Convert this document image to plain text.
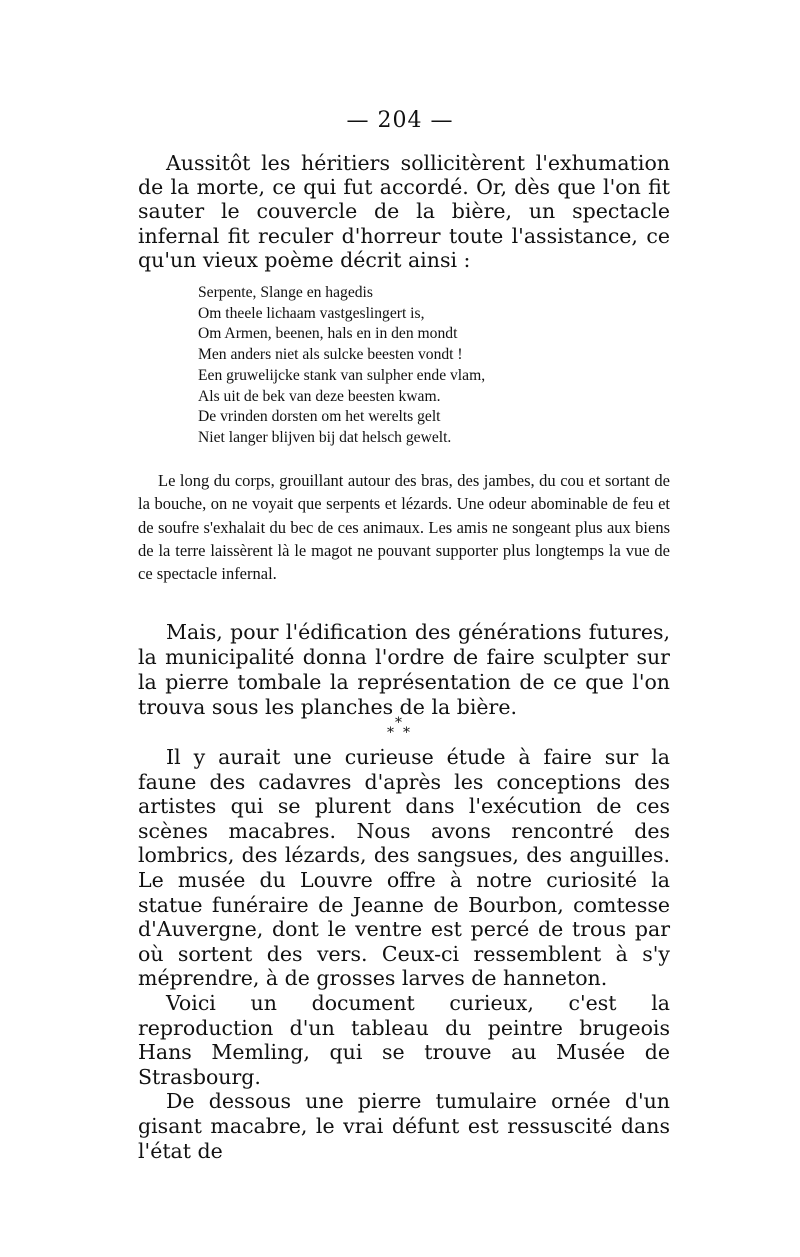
— 204 —

Aussitôt les héritiers sollicitèrent l'exhumation de la morte, ce qui fut accordé. Or, dès que l'on fit sauter le couvercle de la bière, un spectacle infernal fit reculer d'horreur toute l'assistance, ce qu'un vieux poème décrit ainsi :

Serpente, Slange en hagedis
Om theele lichaam vastgeslingert is,
Om Armen, beenen, hals en in den mondt
Men anders niet als sulcke beesten vondt !
Een gruwelijcke stank van sulpher ende vlam,
Als uit de bek van deze beesten kwam.
De vrinden dorsten om het werelts gelt
Niet langer blijven bij dat helsch gewelt.

Le long du corps, grouillant autour des bras, des jambes, du cou et sortant de la bouche, on ne voyait que serpents et lézards. Une odeur abominable de feu et de soufre s'exhalait du bec de ces animaux. Les amis ne songeant plus aux biens de la terre laissèrent là le magot ne pouvant supporter plus longtemps la vue de ce spectacle infernal.

Mais, pour l'édification des générations futures, la municipalité donna l'ordre de faire sculpter sur la pierre tombale la représentation de ce que l'on trouva sous les planches de la bière.

*
* *

Il y aurait une curieuse étude à faire sur la faune des cadavres d'après les conceptions des artistes qui se plurent dans l'exécution de ces scènes macabres. Nous avons rencontré des lombrics, des lézards, des sangsues, des anguilles. Le musée du Louvre offre à notre curiosité la statue funéraire de Jeanne de Bourbon, comtesse d'Auvergne, dont le ventre est percé de trous par où sortent des vers. Ceux-ci ressemblent à s'y méprendre, à de grosses larves de hanneton.

Voici un document curieux, c'est la reproduction d'un tableau du peintre brugeois Hans Memling, qui se trouve au Musée de Strasbourg.

De dessous une pierre tumulaire ornée d'un gisant macabre, le vrai défunt est ressuscité dans l'état de
